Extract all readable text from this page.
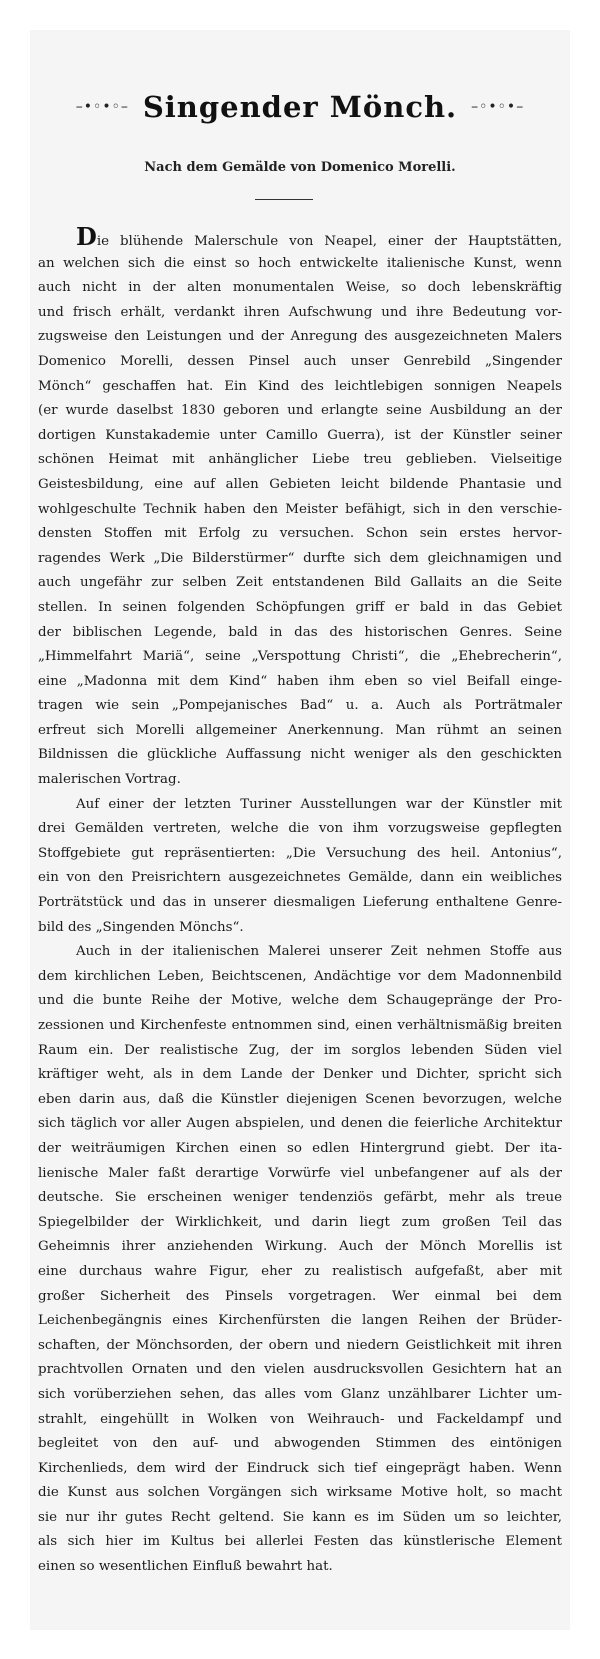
–•◦•◦– Singender Mönch. –◦•◦•–
Nach dem Gemälde von Domenico Morelli.
Die blühende Malerschule von Neapel, einer der Hauptstätten,
an welchen sich die einst so hoch entwickelte italienische Kunst, wenn
auch nicht in der alten monumentalen Weise, so doch lebenskräftig
und frisch erhält, verdankt ihren Aufschwung und ihre Bedeutung vor-
zugsweise den Leistungen und der Anregung des ausgezeichneten Malers
Domenico Morelli, dessen Pinsel auch unser Genrebild „Singender
Mönch“ geschaffen hat. Ein Kind des leichtlebigen sonnigen Neapels
(er wurde daselbst 1830 geboren und erlangte seine Ausbildung an der
dortigen Kunstakademie unter Camillo Guerra), ist der Künstler seiner
schönen Heimat mit anhänglicher Liebe treu geblieben. Vielseitige
Geistesbildung, eine auf allen Gebieten leicht bildende Phantasie und
wohlgeschulte Technik haben den Meister befähigt, sich in den verschie-
densten Stoffen mit Erfolg zu versuchen. Schon sein erstes hervor-
ragendes Werk „Die Bilderstürmer“ durfte sich dem gleichnamigen und
auch ungefähr zur selben Zeit entstandenen Bild Gallaits an die Seite
stellen. In seinen folgenden Schöpfungen griff er bald in das Gebiet
der biblischen Legende, bald in das des historischen Genres. Seine
„Himmelfahrt Mariä“, seine „Verspottung Christi“, die „Ehebrecherin“,
eine „Madonna mit dem Kind“ haben ihm eben so viel Beifall einge-
tragen wie sein „Pompejanisches Bad“ u. a. Auch als Porträtmaler
erfreut sich Morelli allgemeiner Anerkennung. Man rühmt an seinen
Bildnissen die glückliche Auffassung nicht weniger als den geschickten
malerischen Vortrag.
Auf einer der letzten Turiner Ausstellungen war der Künstler mit
drei Gemälden vertreten, welche die von ihm vorzugsweise gepflegten
Stoffgebiete gut repräsentierten: „Die Versuchung des heil. Antonius“,
ein von den Preisrichtern ausgezeichnetes Gemälde, dann ein weibliches
Porträtstück und das in unserer diesmaligen Lieferung enthaltene Genre-
bild des „Singenden Mönchs“.
Auch in der italienischen Malerei unserer Zeit nehmen Stoffe aus
dem kirchlichen Leben, Beichtscenen, Andächtige vor dem Madonnenbild
und die bunte Reihe der Motive, welche dem Schaugepränge der Pro-
zessionen und Kirchenfeste entnommen sind, einen verhältnismäßig breiten
Raum ein. Der realistische Zug, der im sorglos lebenden Süden viel
kräftiger weht, als in dem Lande der Denker und Dichter, spricht sich
eben darin aus, daß die Künstler diejenigen Scenen bevorzugen, welche
sich täglich vor aller Augen abspielen, und denen die feierliche Architektur
der weiträumigen Kirchen einen so edlen Hintergrund giebt. Der ita-
lienische Maler faßt derartige Vorwürfe viel unbefangener auf als der
deutsche. Sie erscheinen weniger tendenziös gefärbt, mehr als treue
Spiegelbilder der Wirklichkeit, und darin liegt zum großen Teil das
Geheimnis ihrer anziehenden Wirkung. Auch der Mönch Morellis ist
eine durchaus wahre Figur, eher zu realistisch aufgefaßt, aber mit
großer Sicherheit des Pinsels vorgetragen. Wer einmal bei dem
Leichenbegängnis eines Kirchenfürsten die langen Reihen der Brüder-
schaften, der Mönchsorden, der obern und niedern Geistlichkeit mit ihren
prachtvollen Ornaten und den vielen ausdrucksvollen Gesichtern hat an
sich vorüberziehen sehen, das alles vom Glanz unzählbarer Lichter um-
strahlt, eingehüllt in Wolken von Weihrauch- und Fackeldampf und
begleitet von den auf- und abwogenden Stimmen des eintönigen
Kirchenlieds, dem wird der Eindruck sich tief eingeprägt haben. Wenn
die Kunst aus solchen Vorgängen sich wirksame Motive holt, so macht
sie nur ihr gutes Recht geltend. Sie kann es im Süden um so leichter,
als sich hier im Kultus bei allerlei Festen das künstlerische Element
einen so wesentlichen Einfluß bewahrt hat.
